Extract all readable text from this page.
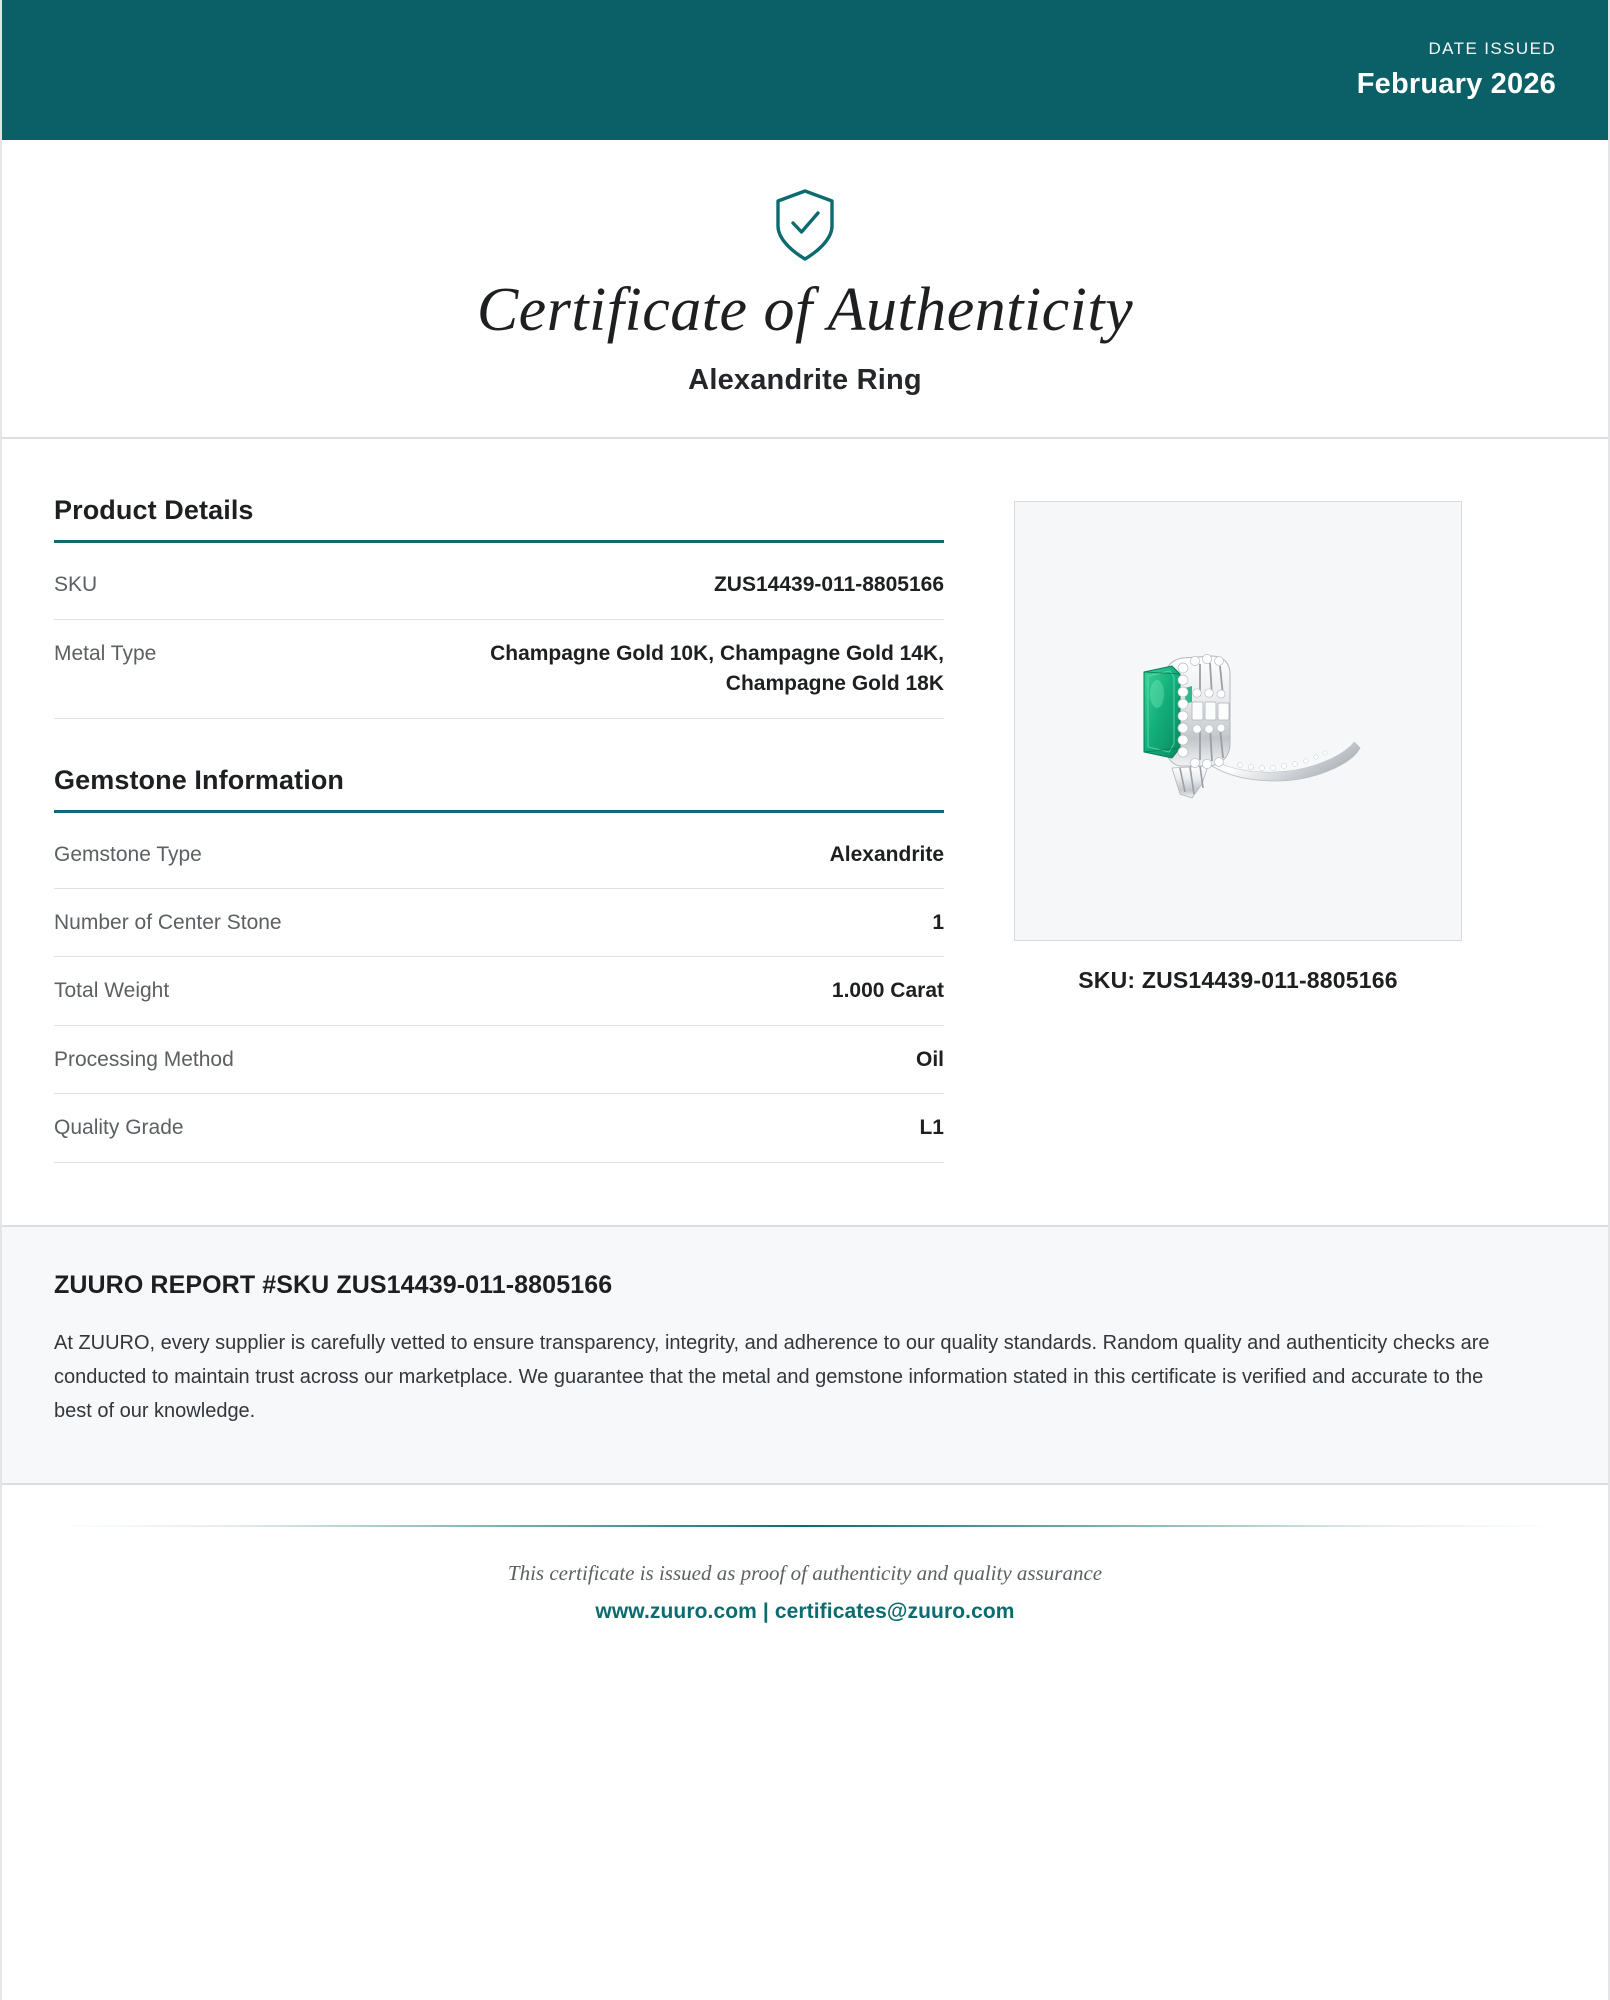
DATE ISSUED
February 2026
Certificate of Authenticity
Alexandrite Ring
Product Details
SKU	ZUS14439-011-8805166
Metal Type	Champagne Gold 10K, Champagne Gold 14K, Champagne Gold 18K
Gemstone Information
Gemstone Type	Alexandrite
Number of Center Stone	1
Total Weight	1.000 Carat
Processing Method	Oil
Quality Grade	L1
SKU: ZUS14439-011-8805166
ZUURO REPORT #SKU ZUS14439-011-8805166

At ZUURO, every supplier is carefully vetted to ensure transparency, integrity, and adherence to our quality standards. Random quality and authenticity checks are conducted to maintain trust across our marketplace. We guarantee that the metal and gemstone information stated in this certificate is verified and accurate to the best of our knowledge.

This certificate is issued as proof of authenticity and quality assurance

www.zuuro.com | certificates@zuuro.com
